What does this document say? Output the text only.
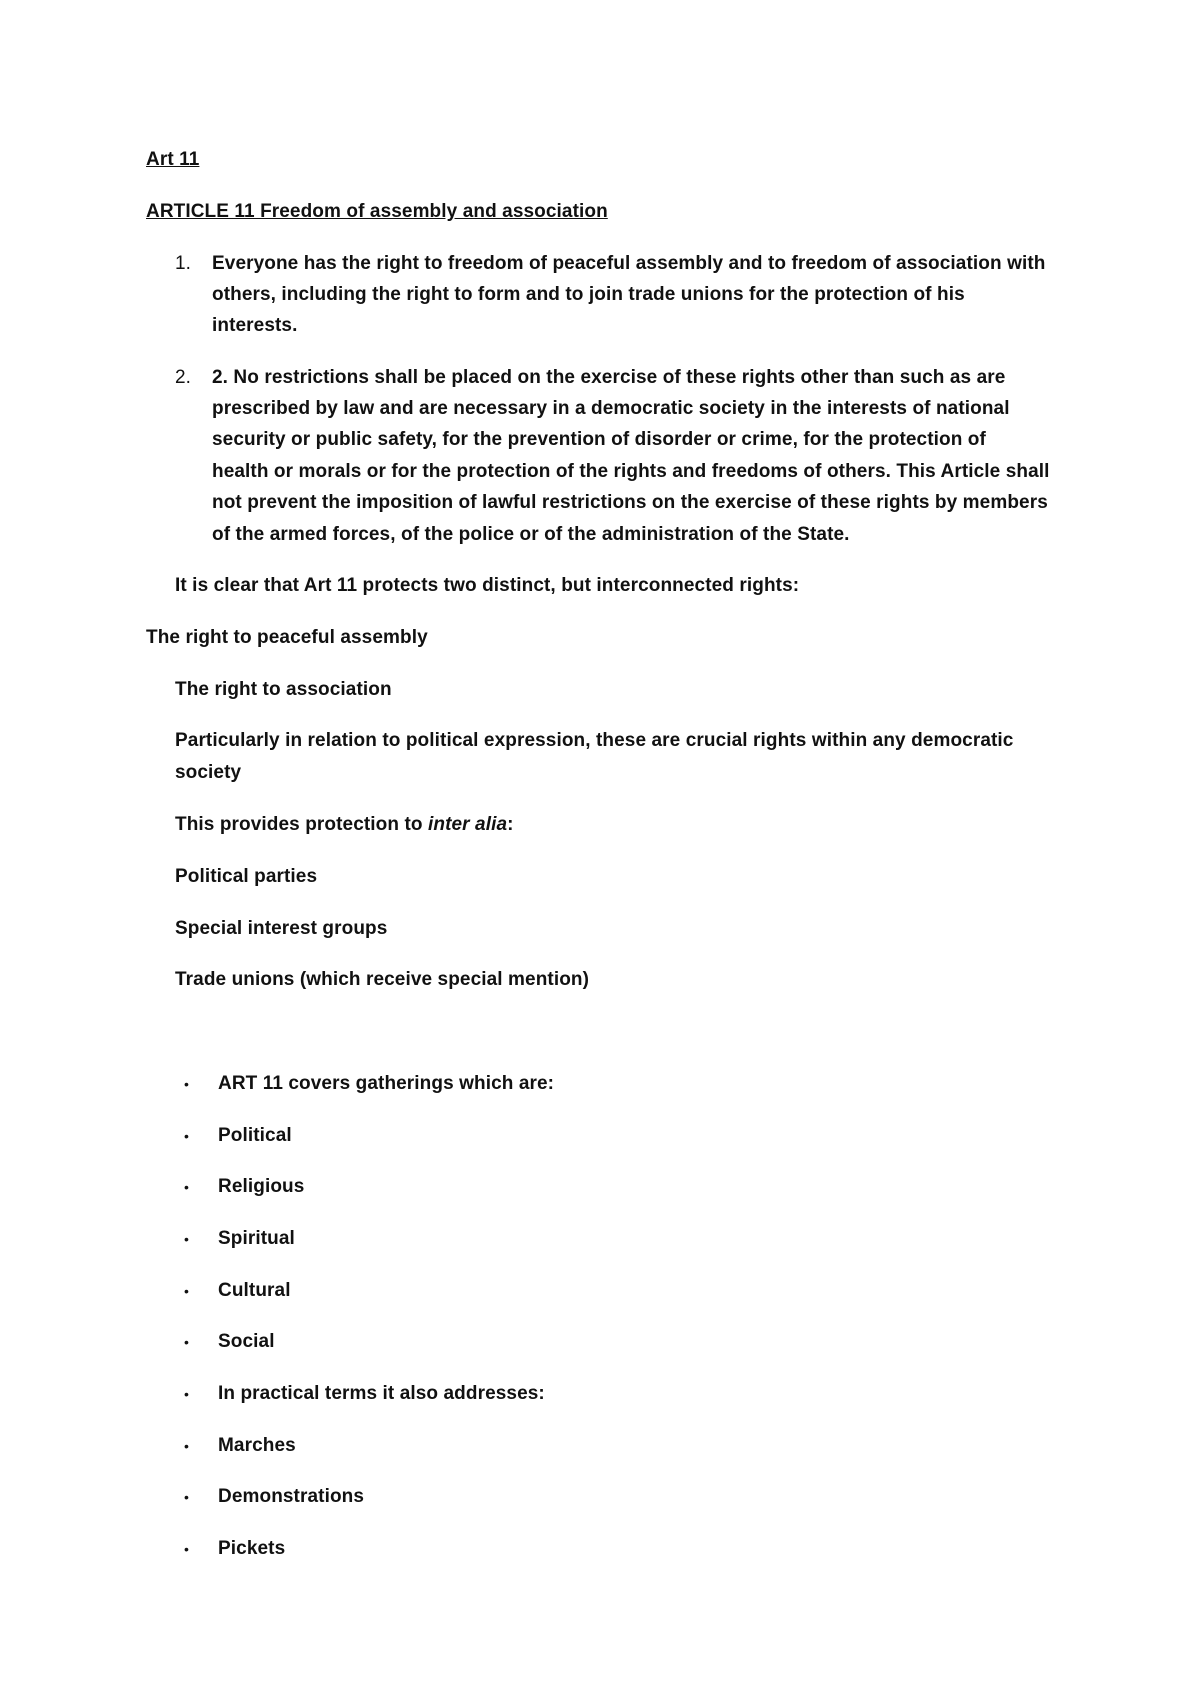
Art 11
ARTICLE 11 Freedom of assembly and association
1. Everyone has the right to freedom of peaceful assembly and to freedom of association with
others, including the right to form and to join trade unions for the protection of his
interests.
2. 2. No restrictions shall be placed on the exercise of these rights other than such as are
prescribed by law and are necessary in a democratic society in the interests of national
security or public safety, for the prevention of disorder or crime, for the protection of
health or morals or for the protection of the rights and freedoms of others. This Article shall
not prevent the imposition of lawful restrictions on the exercise of these rights by members
of the armed forces, of the police or of the administration of the State.
It is clear that Art 11 protects two distinct, but interconnected rights:
The right to peaceful assembly
The right to association
Particularly in relation to political expression, these are crucial rights within any democratic
society
This provides protection to inter alia:
Political parties
Special interest groups
Trade unions (which receive special mention)
• ART 11 covers gatherings which are:
• Political
• Religious
• Spiritual
• Cultural
• Social
• In practical terms it also addresses:
• Marches
• Demonstrations
• Pickets
